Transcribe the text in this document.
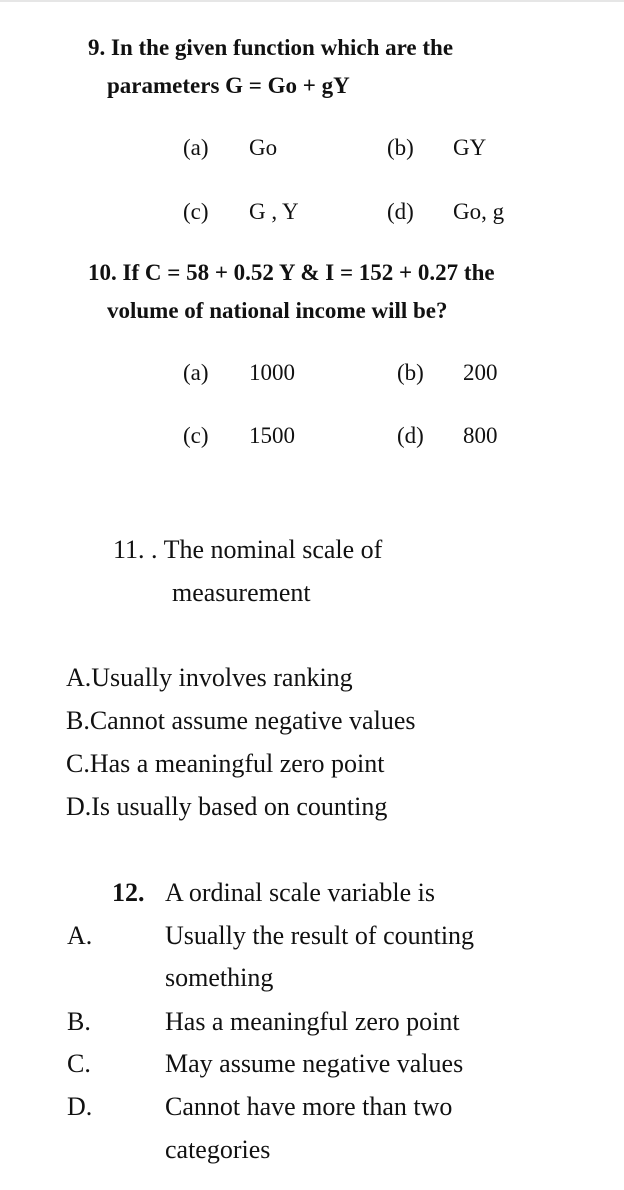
9. In the given function which are the
parameters G = Go + gY
(a) Go	(b) GY
(c) G , Y	(d) Go, g
10. If C = 58 + 0.52 Y & I = 152 + 0.27 the
volume of national income will be?
(a) 1000	(b) 200
(c) 1500	(d) 800
11. . The nominal scale of
measurement
A.Usually involves ranking
B.Cannot assume negative values
C.Has a meaningful zero point
D.Is usually based on counting
12. A ordinal scale variable is
A.	Usually the result of counting
something
B.	Has a meaningful zero point
C.	May assume negative values
D.	Cannot have more than two
categories
